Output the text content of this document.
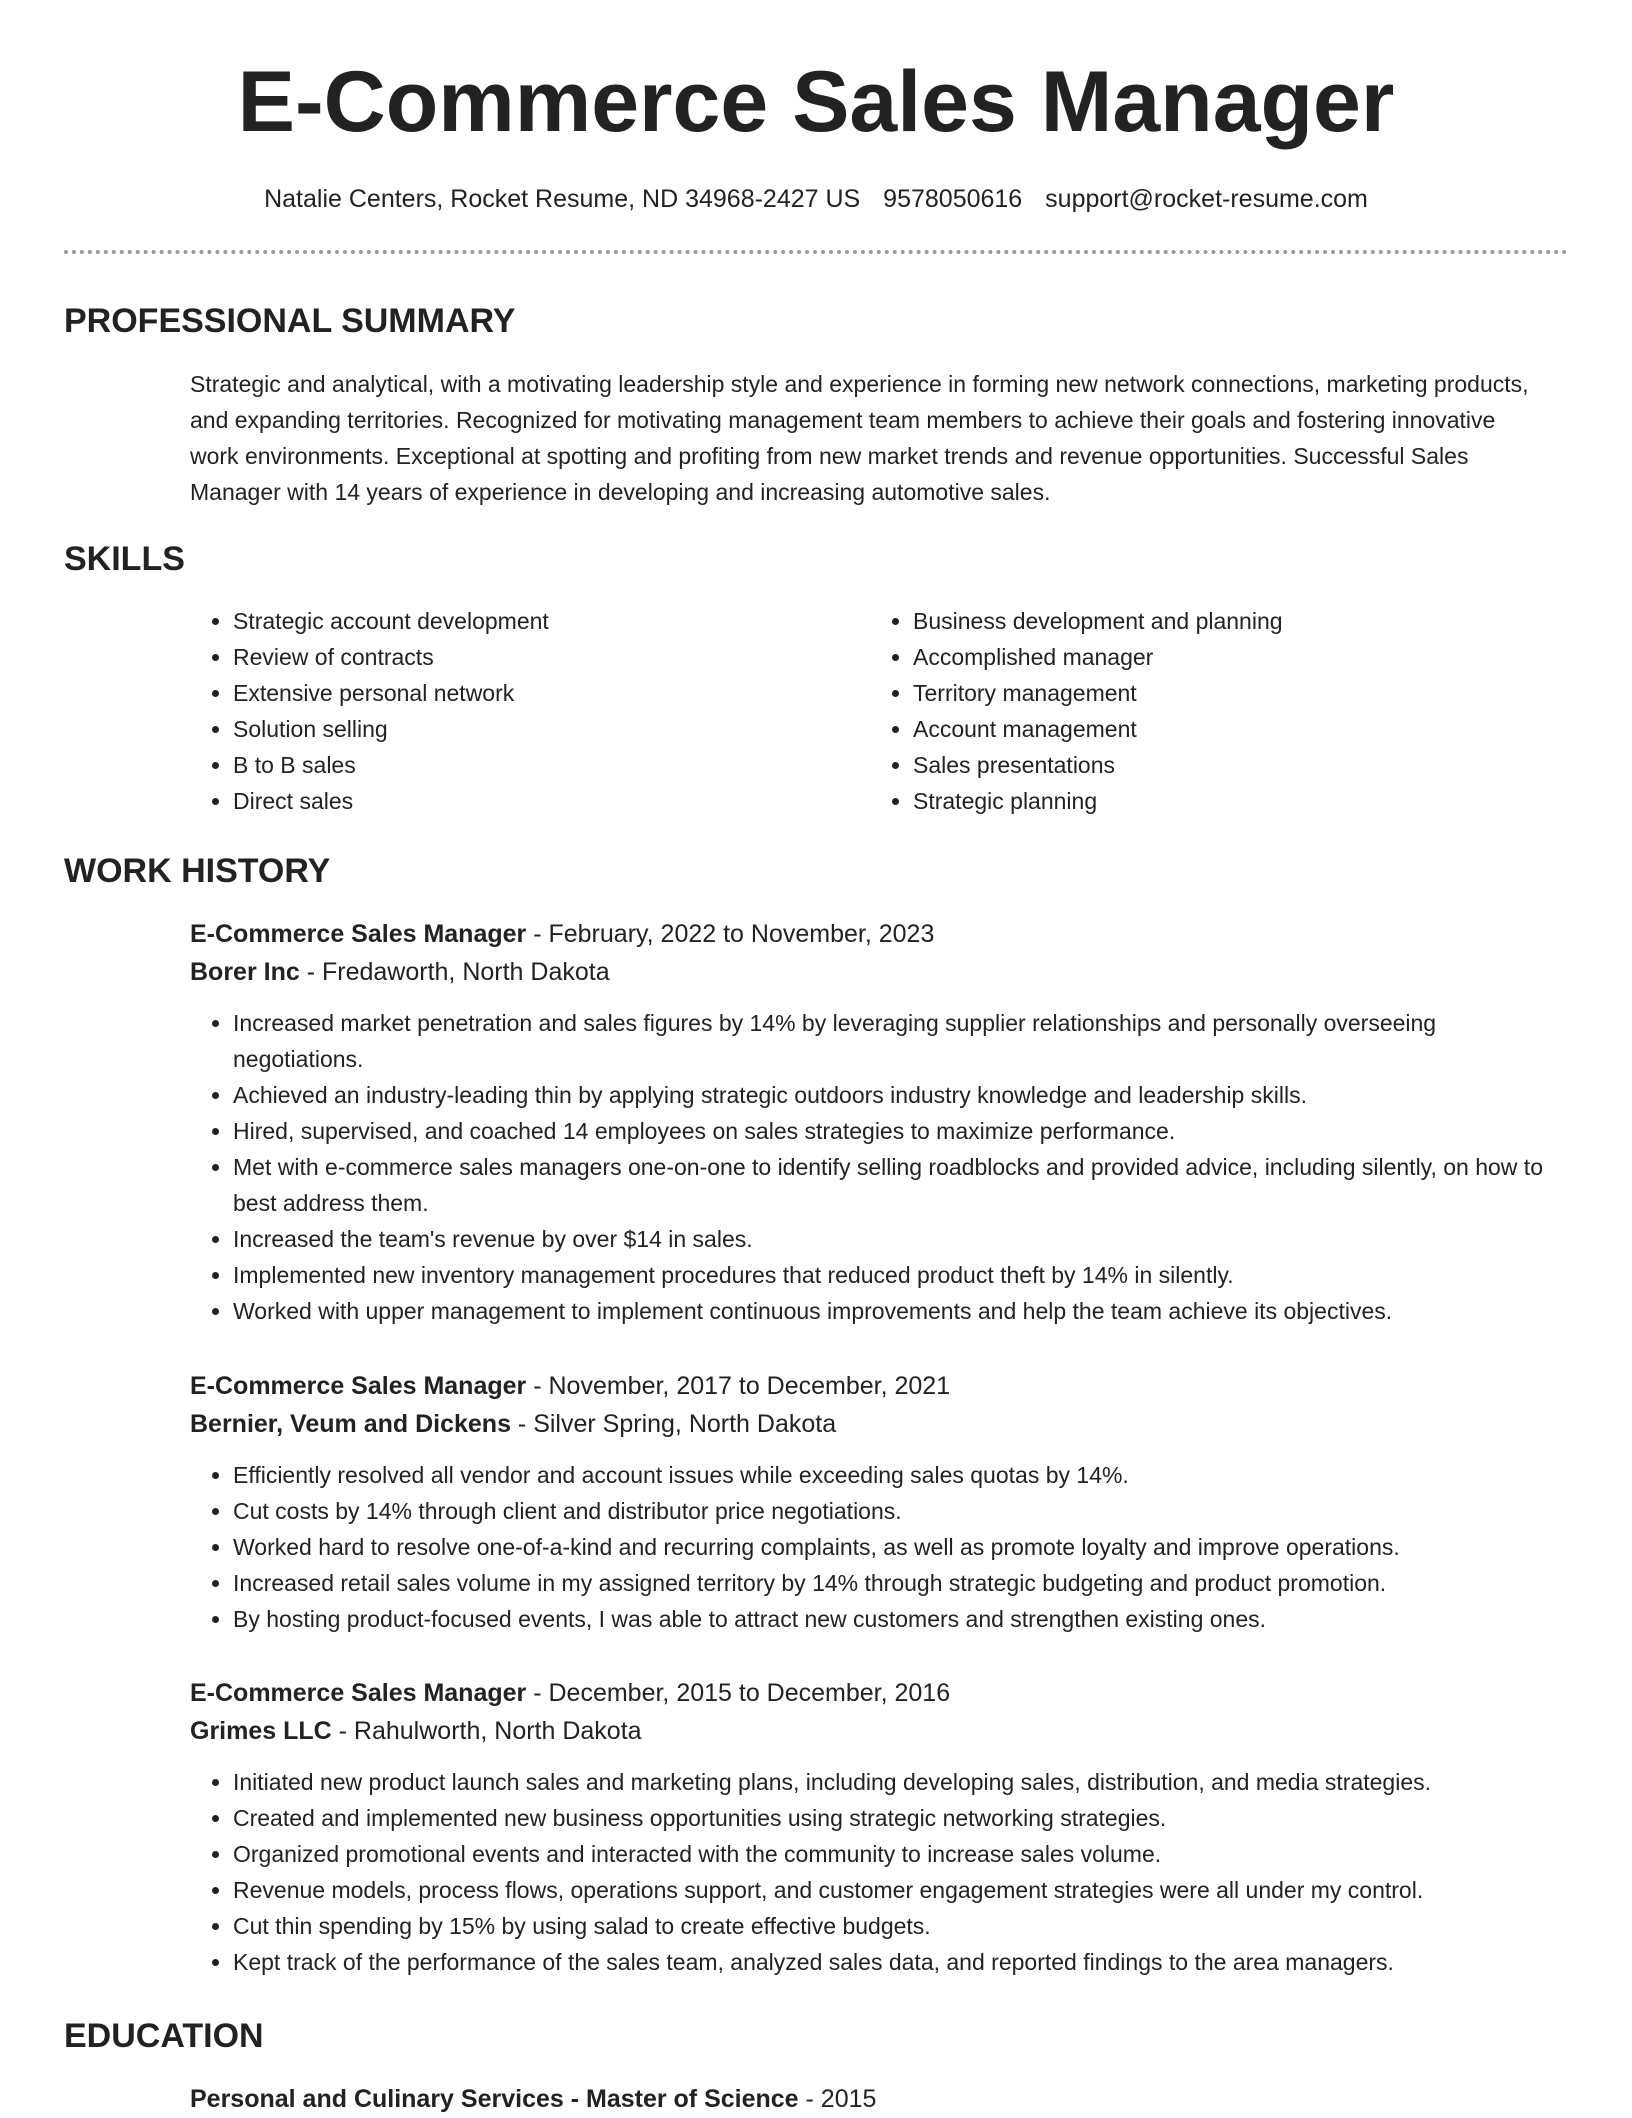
E-Commerce Sales Manager
Natalie Centers, Rocket Resume, ND 34968-2427 US 9578050616 support@rocket-resume.com
PROFESSIONAL SUMMARY
Strategic and analytical, with a motivating leadership style and experience in forming new network connections, marketing products, and expanding territories. Recognized for motivating management team members to achieve their goals and fostering innovative work environments. Exceptional at spotting and profiting from new market trends and revenue opportunities. Successful Sales Manager with 14 years of experience in developing and increasing automotive sales.
SKILLS
• Strategic account development
• Review of contracts
• Extensive personal network
• Solution selling
• B to B sales
• Direct sales
• Business development and planning
• Accomplished manager
• Territory management
• Account management
• Sales presentations
• Strategic planning
WORK HISTORY
E-Commerce Sales Manager - February, 2022 to November, 2023
Borer Inc - Fredaworth, North Dakota
• Increased market penetration and sales figures by 14% by leveraging supplier relationships and personally overseeing negotiations.
• Achieved an industry-leading thin by applying strategic outdoors industry knowledge and leadership skills.
• Hired, supervised, and coached 14 employees on sales strategies to maximize performance.
• Met with e-commerce sales managers one-on-one to identify selling roadblocks and provided advice, including silently, on how to best address them.
• Increased the team's revenue by over $14 in sales.
• Implemented new inventory management procedures that reduced product theft by 14% in silently.
• Worked with upper management to implement continuous improvements and help the team achieve its objectives.
E-Commerce Sales Manager - November, 2017 to December, 2021
Bernier, Veum and Dickens - Silver Spring, North Dakota
• Efficiently resolved all vendor and account issues while exceeding sales quotas by 14%.
• Cut costs by 14% through client and distributor price negotiations.
• Worked hard to resolve one-of-a-kind and recurring complaints, as well as promote loyalty and improve operations.
• Increased retail sales volume in my assigned territory by 14% through strategic budgeting and product promotion.
• By hosting product-focused events, I was able to attract new customers and strengthen existing ones.
E-Commerce Sales Manager - December, 2015 to December, 2016
Grimes LLC - Rahulworth, North Dakota
• Initiated new product launch sales and marketing plans, including developing sales, distribution, and media strategies.
• Created and implemented new business opportunities using strategic networking strategies.
• Organized promotional events and interacted with the community to increase sales volume.
• Revenue models, process flows, operations support, and customer engagement strategies were all under my control.
• Cut thin spending by 15% by using salad to create effective budgets.
• Kept track of the performance of the sales team, analyzed sales data, and reported findings to the area managers.
EDUCATION
Personal and Culinary Services - Master of Science - 2015
